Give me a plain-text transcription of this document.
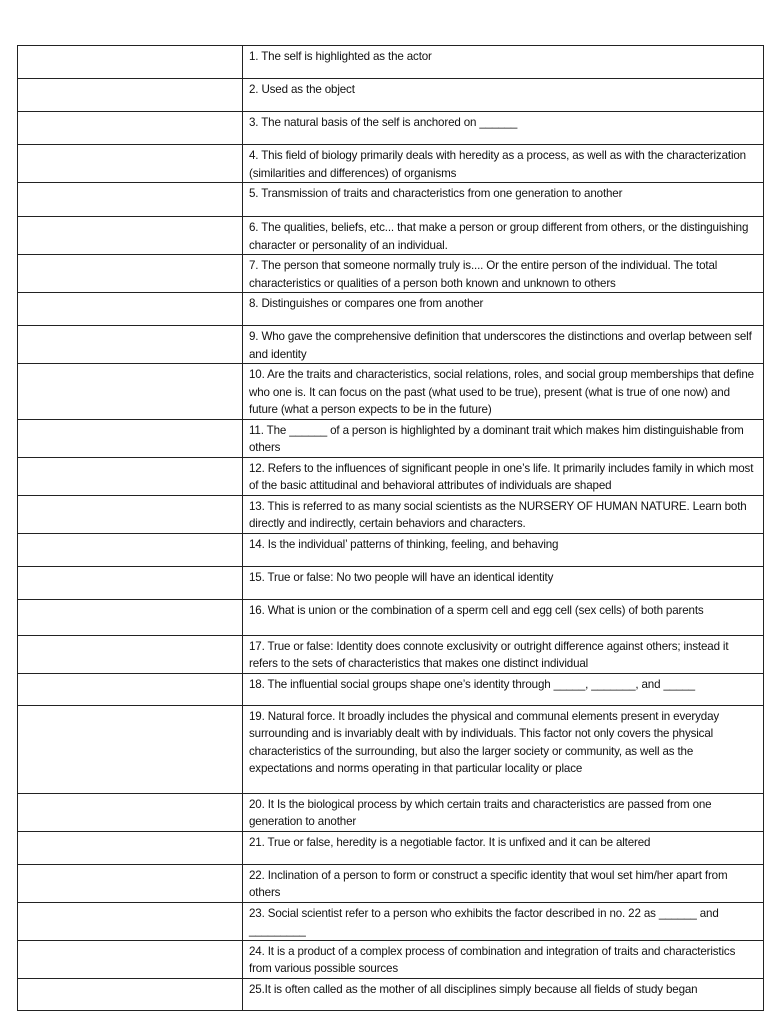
	1. The self is highlighted as the actor
	2. Used as the object
	3. The natural basis of the self is anchored on ______
	4. This field of biology primarily deals with heredity as a process, as well as with the characterization (similarities and differences) of organisms
	5. Transmission of traits and characteristics from one generation to another
	6. The qualities, beliefs, etc... that make a person or group different from others, or the distinguishing character or personality of an individual.
	7. The person that someone normally truly is.... Or the entire person of the individual. The total characteristics or qualities of a person both known and unknown to others
	8. Distinguishes or compares one from another
	9. Who gave the comprehensive definition that underscores the distinctions and overlap between self and identity
	10. Are the traits and characteristics, social relations, roles, and social group memberships that define who one is. It can focus on the past (what used to be true), present (what is true of one now) and future (what a person expects to be in the future)
	11. The ______ of a person is highlighted by a dominant trait which makes him distinguishable from others
	12. Refers to the influences of significant people in one’s life. It primarily includes family in which most of the basic attitudinal and behavioral attributes of individuals are shaped
	13. This is referred to as many social scientists as the NURSERY OF HUMAN NATURE. Learn both directly and indirectly, certain behaviors and characters.
	14. Is the individual’ patterns of thinking, feeling, and behaving
	15. True or false: No two people will have an identical identity
	16. What is union or the combination of a sperm cell and egg cell (sex cells) of both parents
	17. True or false: Identity does connote exclusivity or outright difference against others; instead it refers to the sets of characteristics that makes one distinct individual
	18. The influential social groups shape one’s identity through _____, _______, and _____
	19. Natural force. It broadly includes the physical and communal elements present in everyday surrounding and is invariably dealt with by individuals. This factor not only covers the physical characteristics of the surrounding, but also the larger society or community, as well as the expectations and norms operating in that particular locality or place
	20. It Is the biological process by which certain traits and characteristics are passed from one generation to another
	21. True or false, heredity is a negotiable factor. It is unfixed and it can be altered
	22. Inclination of a person to form or construct a specific identity that woul set him/her apart from others
	23. Social scientist refer to a person who exhibits the factor described in no. 22 as ______ and _________
	24. It is a product of a complex process of combination and integration of traits and characteristics from various possible sources
	25.It is often called as the mother of all disciplines simply because all fields of study began
